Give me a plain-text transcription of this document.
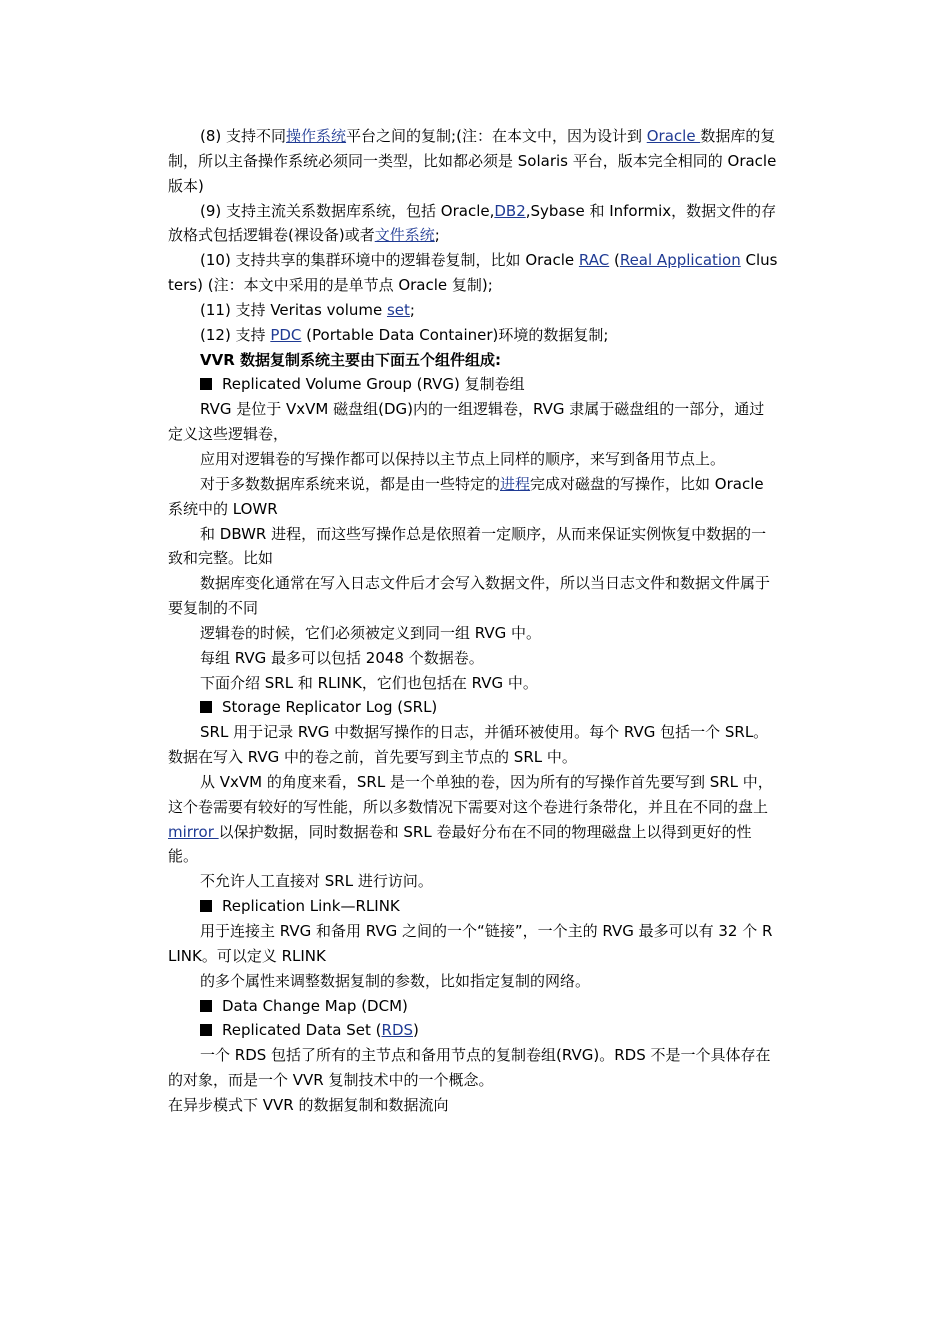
(8) 支持不同操作系统平台之间的复制;(注：在本文中，因为设计到 Oracle 数据库的复制，所以主备操作系统必须同一类型，比如都必须是 Solaris 平台，版本完全相同的 Oracle 版本)

(9) 支持主流关系数据库系统，包括 Oracle,DB2,Sybase 和 Informix，数据文件的存放格式包括逻辑卷(裸设备)或者文件系统;

(10) 支持共享的集群环境中的逻辑卷复制，比如 Oracle RAC (Real Application Clusters) (注：本文中采用的是单节点 Oracle 复制);

(11) 支持 Veritas volume set;

(12) 支持 PDC (Portable Data Container)环境的数据复制;

VVR 数据复制系统主要由下面五个组件组成:

Replicated Volume Group (RVG) 复制卷组

RVG 是位于 VxVM 磁盘组(DG)内的一组逻辑卷，RVG 隶属于磁盘组的一部分，通过定义这些逻辑卷，

应用对逻辑卷的写操作都可以保持以主节点上同样的顺序，来写到备用节点上。

对于多数数据库系统来说，都是由一些特定的进程完成对磁盘的写操作，比如 Oracle 系统中的 LOWR

和 DBWR 进程，而这些写操作总是依照着一定顺序，从而来保证实例恢复中数据的一致和完整。比如

数据库变化通常在写入日志文件后才会写入数据文件，所以当日志文件和数据文件属于要复制的不同

逻辑卷的时候，它们必须被定义到同一组 RVG 中。

每组 RVG 最多可以包括 2048 个数据卷。

下面介绍 SRL 和 RLINK，它们也包括在 RVG 中。

Storage Replicator Log (SRL)

SRL 用于记录 RVG 中数据写操作的日志，并循环被使用。每个 RVG 包括一个 SRL。数据在写入 RVG 中的卷之前，首先要写到主节点的 SRL 中。

从 VxVM 的角度来看，SRL 是一个单独的卷，因为所有的写操作首先要写到 SRL 中，这个卷需要有较好的写性能，所以多数情况下需要对这个卷进行条带化，并且在不同的盘上 mirror 以保护数据，同时数据卷和 SRL 卷最好分布在不同的物理磁盘上以得到更好的性能。

不允许人工直接对 SRL 进行访问。

Replication Link—RLINK

用于连接主 RVG 和备用 RVG 之间的一个“链接”，一个主的 RVG 最多可以有 32 个 RLINK。可以定义 RLINK

的多个属性来调整数据复制的参数，比如指定复制的网络。

Data Change Map (DCM)

Replicated Data Set (RDS)

一个 RDS 包括了所有的主节点和备用节点的复制卷组(RVG)。RDS 不是一个具体存在的对象，而是一个 VVR 复制技术中的一个概念。

在异步模式下 VVR 的数据复制和数据流向
